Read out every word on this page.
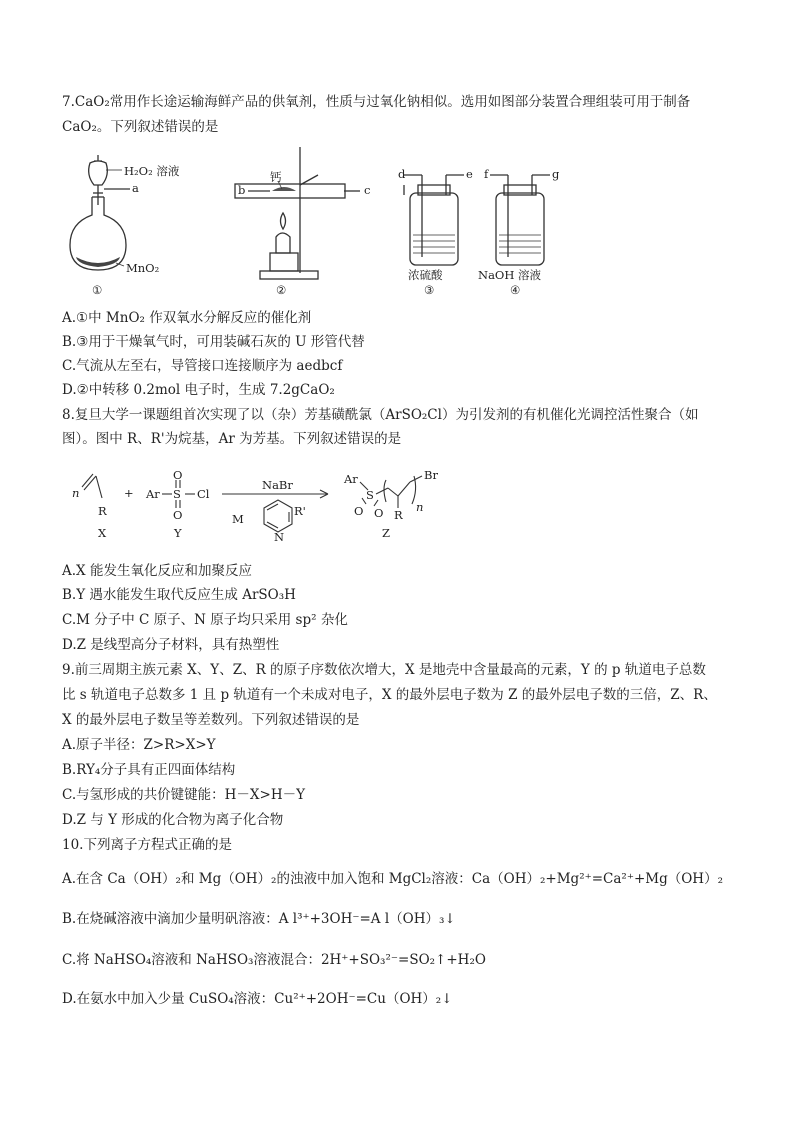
7.CaO₂常用作长途运输海鲜产品的供氧剂，性质与过氧化钠相似。选用如图部分装置合理组装可用于制备
CaO₂。下列叙述错误的是
H₂O₂ 溶液
a
MnO₂
①
钙
b	c
②
d	e
浓硫酸
③
f	g
NaOH 溶液
④
A.①中 MnO₂ 作双氧水分解反应的催化剂
B.③用于干燥氧气时，可用装碱石灰的 U 形管代替
C.气流从左至右，导管接口连接顺序为 aedbcf
D.②中转移 0.2mol 电子时，生成 7.2gCaO₂
8.复旦大学一课题组首次实现了以（杂）芳基磺酰氯（ArSO₂Cl）为引发剂的有机催化光调控活性聚合（如
图）。图中 R、R'为烷基，Ar 为芳基。下列叙述错误的是
n
R
X
+ Ar S
O
O
Cl
Y
NaBr
M
N
R'
Ar
S
O O R
Br
n
Z
A.X 能发生氧化反应和加聚反应
B.Y 遇水能发生取代反应生成 ArSO₃H
C.M 分子中 C 原子、N 原子均只采用 sp² 杂化
D.Z 是线型高分子材料，具有热塑性
9.前三周期主族元素 X、Y、Z、R 的原子序数依次增大，X 是地壳中含量最高的元素，Y 的 p 轨道电子总数
比 s 轨道电子总数多 1 且 p 轨道有一个未成对电子，X 的最外层电子数为 Z 的最外层电子数的三倍，Z、R、
X 的最外层电子数呈等差数列。下列叙述错误的是
A.原子半径：Z>R>X>Y
B.RY₄分子具有正四面体结构
C.与氢形成的共价键键能：H－X>H－Y
D.Z 与 Y 形成的化合物为离子化合物
10.下列离子方程式正确的是
A.在含 Ca（OH）₂和 Mg（OH）₂的浊液中加入饱和 MgCl₂溶液：Ca（OH）₂+Mg²⁺=Ca²⁺+Mg（OH）₂
B.在烧碱溶液中滴加少量明矾溶液：A l³⁺+3OH⁻=A l（OH）₃↓
C.将 NaHSO₄溶液和 NaHSO₃溶液混合：2H⁺+SO₃²⁻=SO₂↑+H₂O
D.在氨水中加入少量 CuSO₄溶液：Cu²⁺+2OH⁻=Cu（OH）₂↓
